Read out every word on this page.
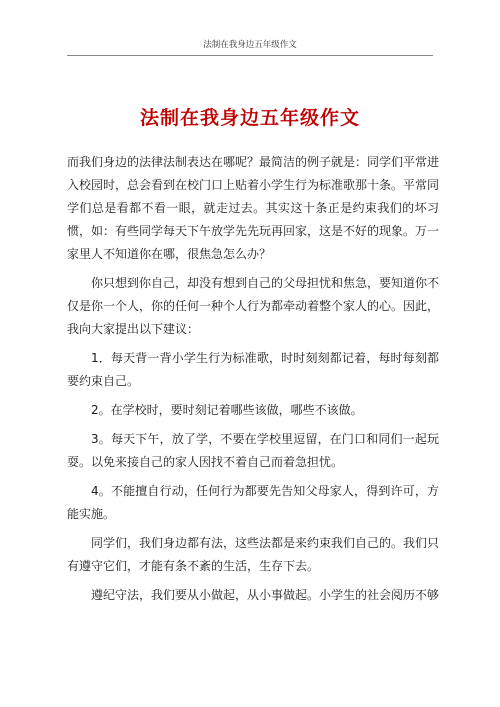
法制在我身边五年级作文
法制在我身边五年级作文

而我们身边的法律法制表达在哪呢？最简洁的例子就是：同学们平常进入校园时，总会看到在校门口上贴着小学生行为标准歌那十条。平常同学们总是看都不看一眼，就走过去。其实这十条正是约束我们的坏习惯，如：有些同学每天下午放学先先玩再回家，这是不好的现象。万一家里人不知道你在哪，很焦急怎么办？

你只想到你自己，却没有想到自己的父母担忧和焦急，要知道你不仅是你一个人，你的任何一种个人行为都牵动着整个家人的心。因此，我向大家提出以下建议：

1．每天背一背小学生行为标准歌，时时刻刻都记着，每时每刻都要约束自己。

2。在学校时，要时刻记着哪些该做，哪些不该做。

3。每天下午，放了学，不要在学校里逗留，在门口和同们一起玩耍。以免来接自己的家人因找不着自己而着急担忧。

4。不能擅自行动，任何行为都要先告知父母家人，得到许可，方能实施。

同学们，我们身边都有法，这些法都是来约束我们自己的。我们只有遵守它们，才能有条不紊的生活，生存下去。

遵纪守法，我们要从小做起，从小事做起。小学生的社会阅历不够
